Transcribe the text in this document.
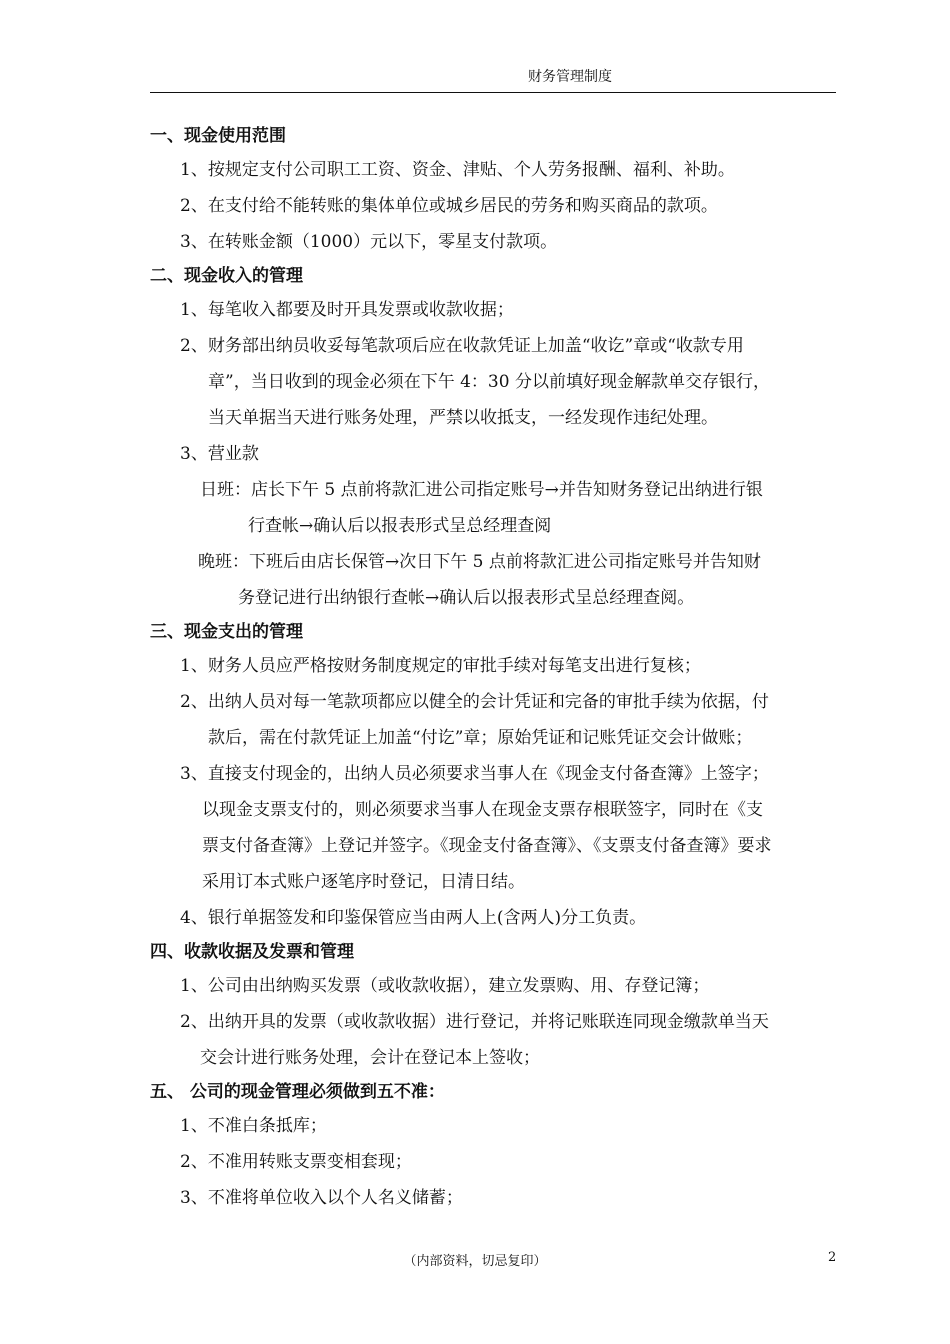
财务管理制度
一、现金使用范围
1、按规定支付公司职工工资、资金、津贴、个人劳务报酬、福利、补助。
2、在支付给不能转账的集体单位或城乡居民的劳务和购买商品的款项。
3、在转账金额（1000）元以下，零星支付款项。
二、现金收入的管理
1、每笔收入都要及时开具发票或收款收据；
2、财务部出纳员收妥每笔款项后应在收款凭证上加盖“收讫”章或“收款专用
章”，当日收到的现金必须在下午 4：30 分以前填好现金解款单交存银行，
当天单据当天进行账务处理，严禁以收抵支，一经发现作违纪处理。
3、营业款
日班：店长下午 5 点前将款汇进公司指定账号→并告知财务登记出纳进行银
行查帐→确认后以报表形式呈总经理查阅
晚班：下班后由店长保管→次日下午 5 点前将款汇进公司指定账号并告知财
务登记进行出纳银行查帐→确认后以报表形式呈总经理查阅。
三、现金支出的管理
1、财务人员应严格按财务制度规定的审批手续对每笔支出进行复核；
2、出纳人员对每一笔款项都应以健全的会计凭证和完备的审批手续为依据，付
款后，需在付款凭证上加盖“付讫”章；原始凭证和记账凭证交会计做账；
3、直接支付现金的，出纳人员必须要求当事人在《现金支付备查簿》上签字；
以现金支票支付的，则必须要求当事人在现金支票存根联签字，同时在《支
票支付备查簿》上登记并签字。《现金支付备查簿》、《支票支付备查簿》要求
采用订本式账户逐笔序时登记，日清日结。
4、银行单据签发和印鉴保管应当由两人上(含两人)分工负责。
四、收款收据及发票和管理
1、公司由出纳购买发票（或收款收据），建立发票购、用、存登记簿；
2、出纳开具的发票（或收款收据）进行登记，并将记账联连同现金缴款单当天
交会计进行账务处理，会计在登记本上签收；
五、 公司的现金管理必须做到五不准：
1、不准白条抵库；
2、不准用转账支票变相套现；
3、不准将单位收入以个人名义储蓄；
（内部资料，切忌复印）	2
